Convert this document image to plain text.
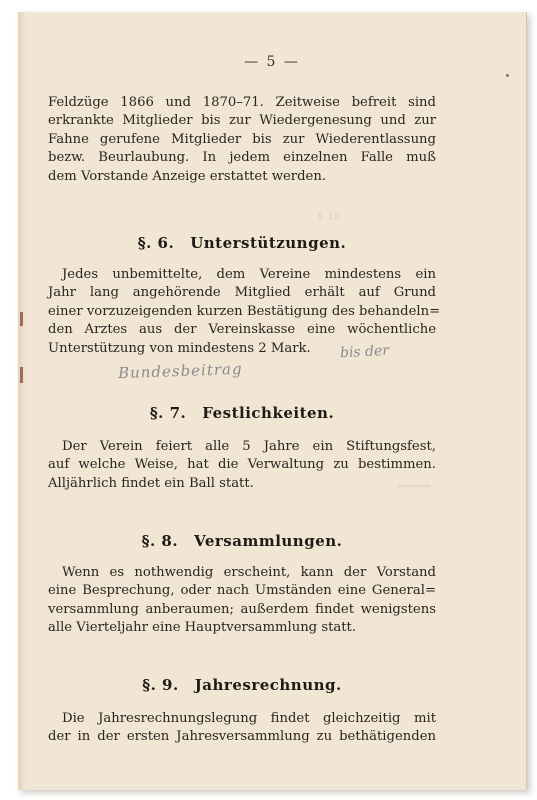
§. 10.
══════
— 5 —

Feldzüge 1866 und 1870–71. Zeitweise befreit sind
erkrankte Mitglieder bis zur Wiedergenesung und zur
Fahne gerufene Mitglieder bis zur Wiederentlassung
bezw. Beurlaubung. In jedem einzelnen Falle muß
dem Vorstande Anzeige erstattet werden.

§. 6. Unterstützungen.

Jedes unbemittelte, dem Vereine mindestens ein
Jahr lang angehörende Mitglied erhält auf Grund
einer vorzuzeigenden kurzen Bestätigung des behandeln=
den Arztes aus der Vereinskasse eine wöchentliche
Unterstützung von mindestens 2 Mark.	bis der
Bundesbeitrag
§. 7. Festlichkeiten.

Der Verein feiert alle 5 Jahre ein Stiftungsfest,
auf welche Weise, hat die Verwaltung zu bestimmen.
Alljährlich findet ein Ball statt.

§. 8. Versammlungen.

Wenn es nothwendig erscheint, kann der Vorstand
eine Besprechung, oder nach Umständen eine General=
versammlung anberaumen; außerdem findet wenigstens
alle Vierteljahr eine Hauptversammlung statt.

§. 9. Jahresrechnung.

Die Jahresrechnungslegung findet gleichzeitig mit
der in der ersten Jahresversammlung zu bethätigenden
